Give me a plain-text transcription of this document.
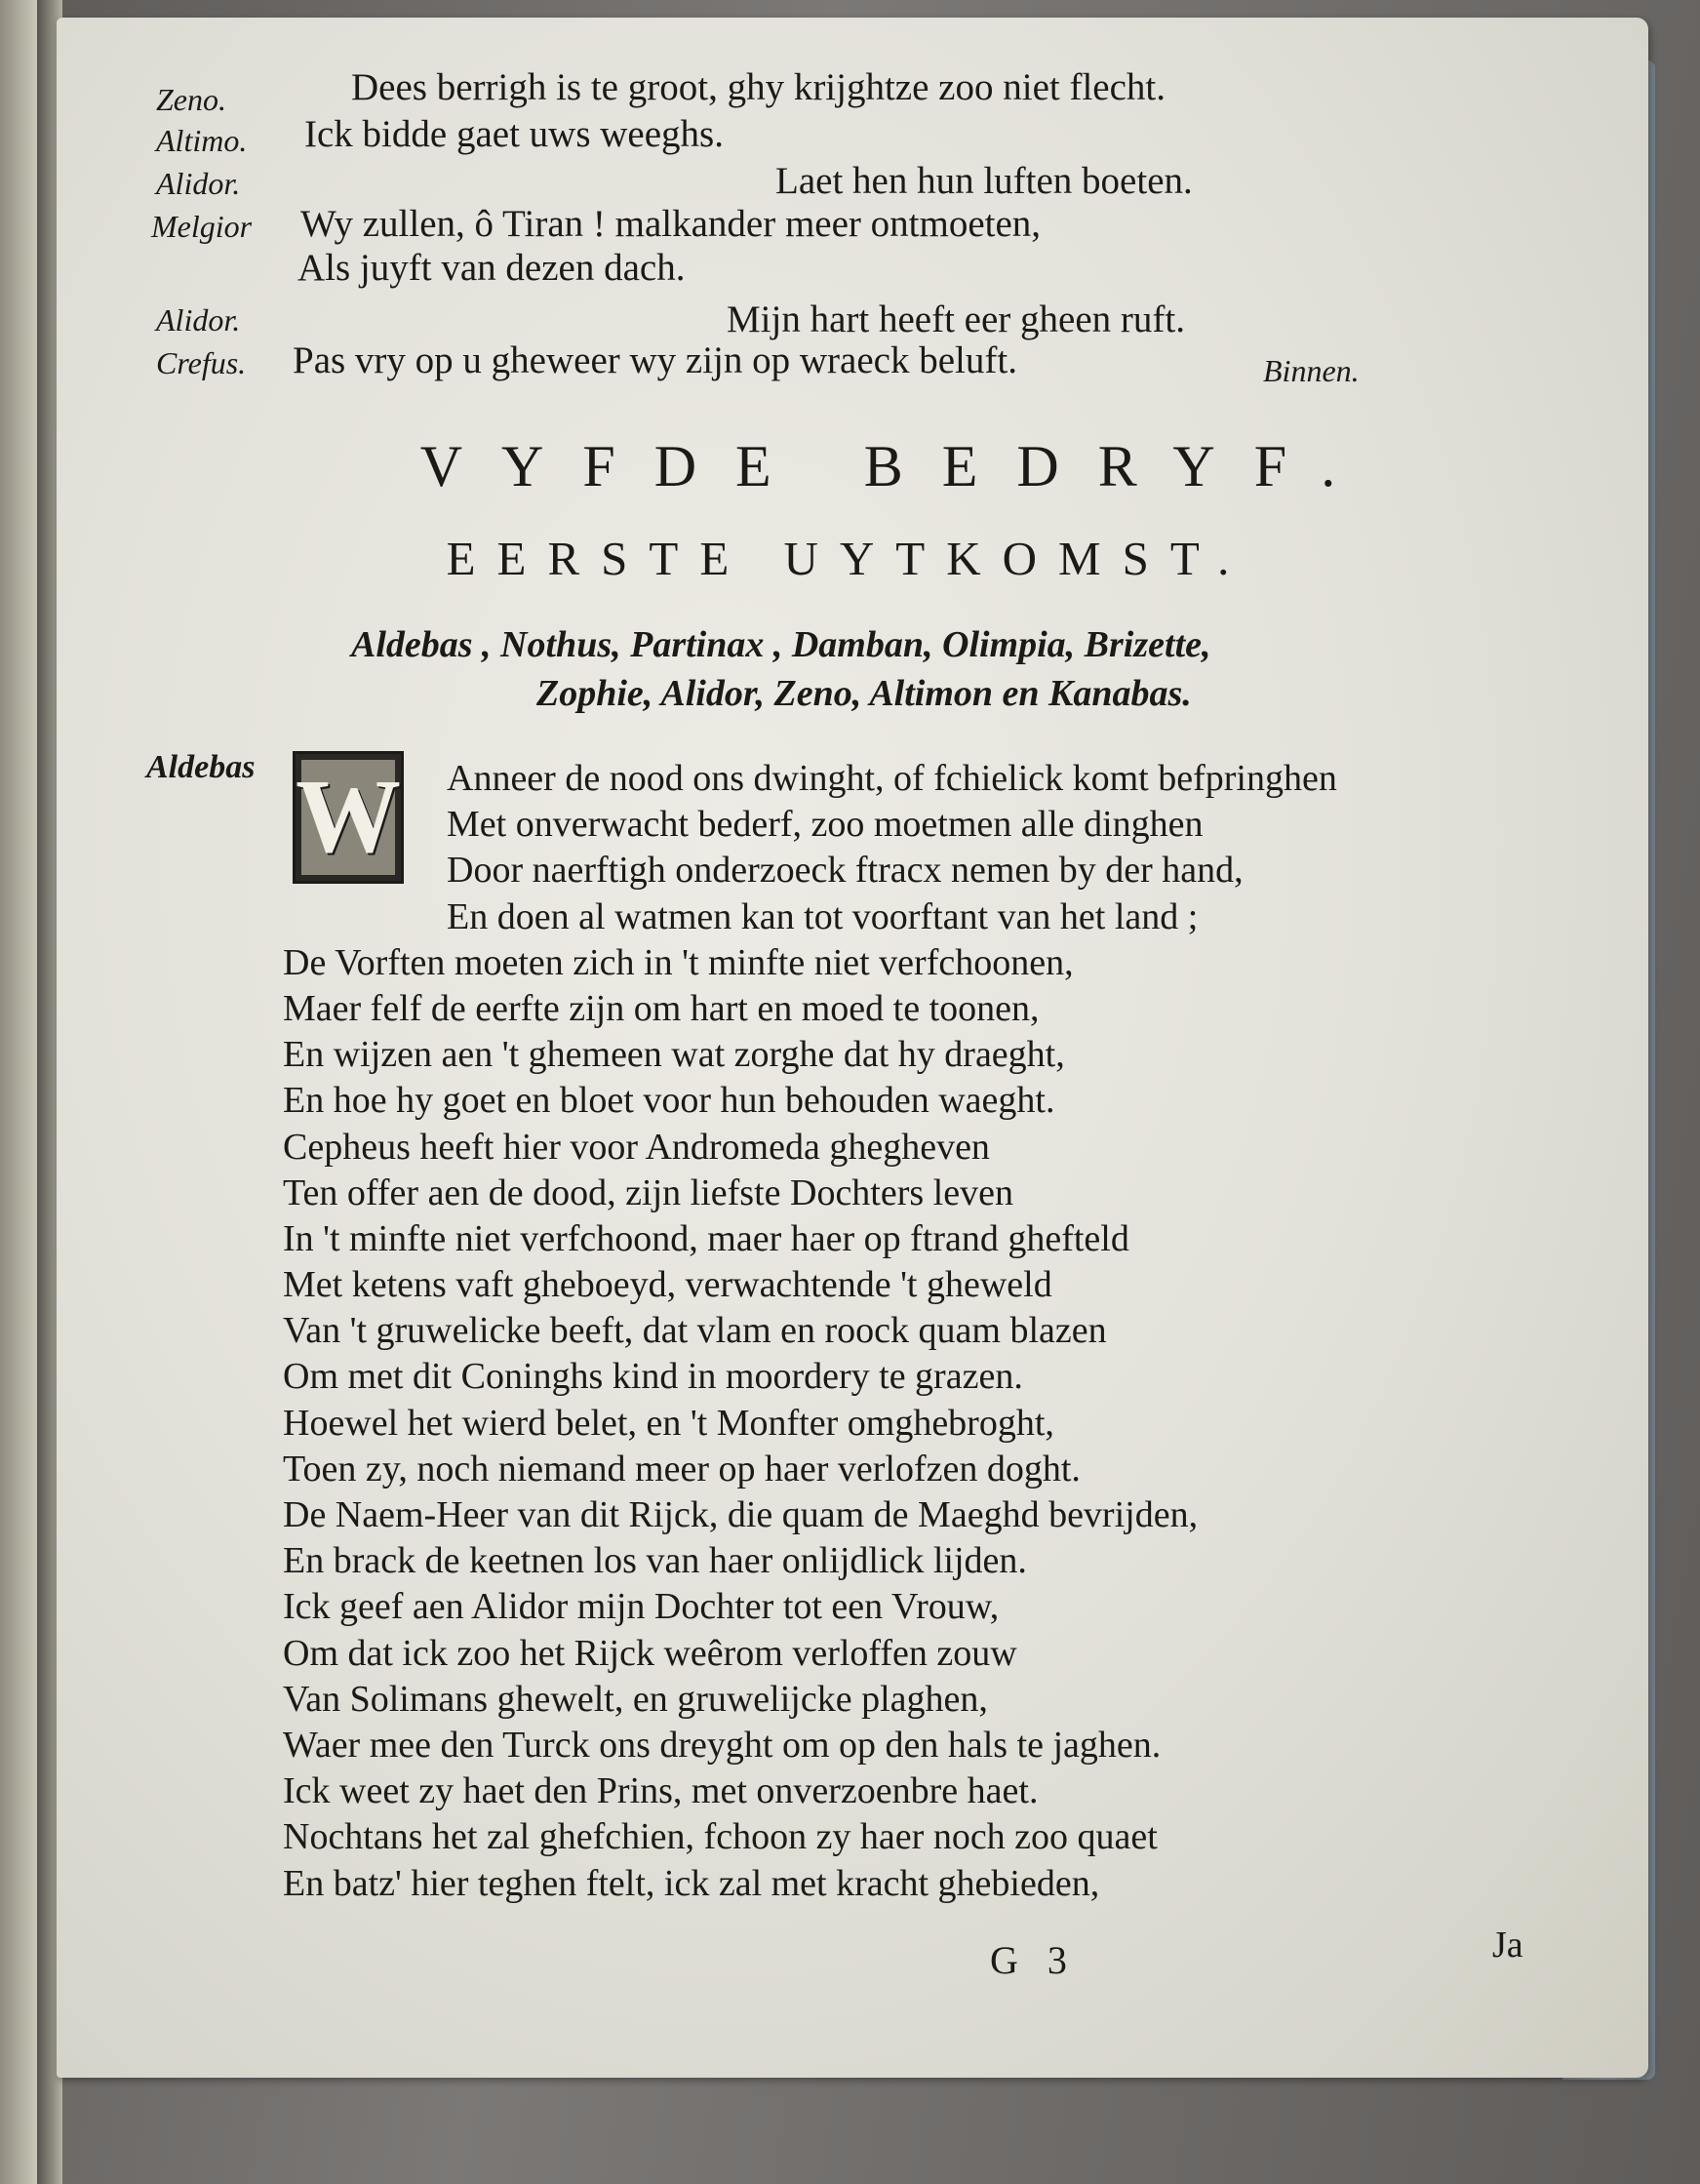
Zeno.	Dees berrigh is te groot, ghy krijghtze zoo niet flecht.
Altimo. Ick bidde gaet uws weeghs.
Alidor.	Laet hen hun luften boeten.
Melgior Wy zullen, ô Tiran ! malkander meer ontmoeten,
Als juyft van dezen dach.
Alidor.	Mijn hart heeft eer gheen ruft.
Crefus. Pas vry op u gheweer wy zijn op wraeck beluft.	Binnen.
VYFDE BEDRYF.
EERSTE UYTKOMST.
Aldebas , Nothus, Partinax , Damban, Olimpia, Brizette,
Zophie, Alidor, Zeno, Altimon en Kanabas.
Aldebas W	Anneer de nood ons dwinght, of fchielick komt befpringhen
Met onverwacht bederf, zoo moetmen alle dinghen
Door naerftigh onderzoeck ftracx nemen by der hand,
En doen al watmen kan tot voorftant van het land ;
De Vorften moeten zich in 't minfte niet verfchoonen,
Maer felf de eerfte zijn om hart en moed te toonen,
En wijzen aen 't ghemeen wat zorghe dat hy draeght,
En hoe hy goet en bloet voor hun behouden waeght.
Cepheus heeft hier voor Andromeda ghegheven
Ten offer aen de dood, zijn liefste Dochters leven
In 't minfte niet verfchoond, maer haer op ftrand ghefteld
Met ketens vaft gheboeyd, verwachtende 't gheweld
Van 't gruwelicke beeft, dat vlam en roock quam blazen
Om met dit Coninghs kind in moordery te grazen.
Hoewel het wierd belet, en 't Monfter omghebroght,
Toen zy, noch niemand meer op haer verlofzen doght.
De Naem-Heer van dit Rijck, die quam de Maeghd bevrijden,
En brack de keetnen los van haer onlijdlick lijden.
Ick geef aen Alidor mijn Dochter tot een Vrouw,
Om dat ick zoo het Rijck weêrom verloffen zouw
Van Solimans ghewelt, en gruwelijcke plaghen,
Waer mee den Turck ons dreyght om op den hals te jaghen.
Ick weet zy haet den Prins, met onverzoenbre haet.
Nochtans het zal ghefchien, fchoon zy haer noch zoo quaet
En batz' hier teghen ftelt, ick zal met kracht ghebieden,
G 3	Ja
